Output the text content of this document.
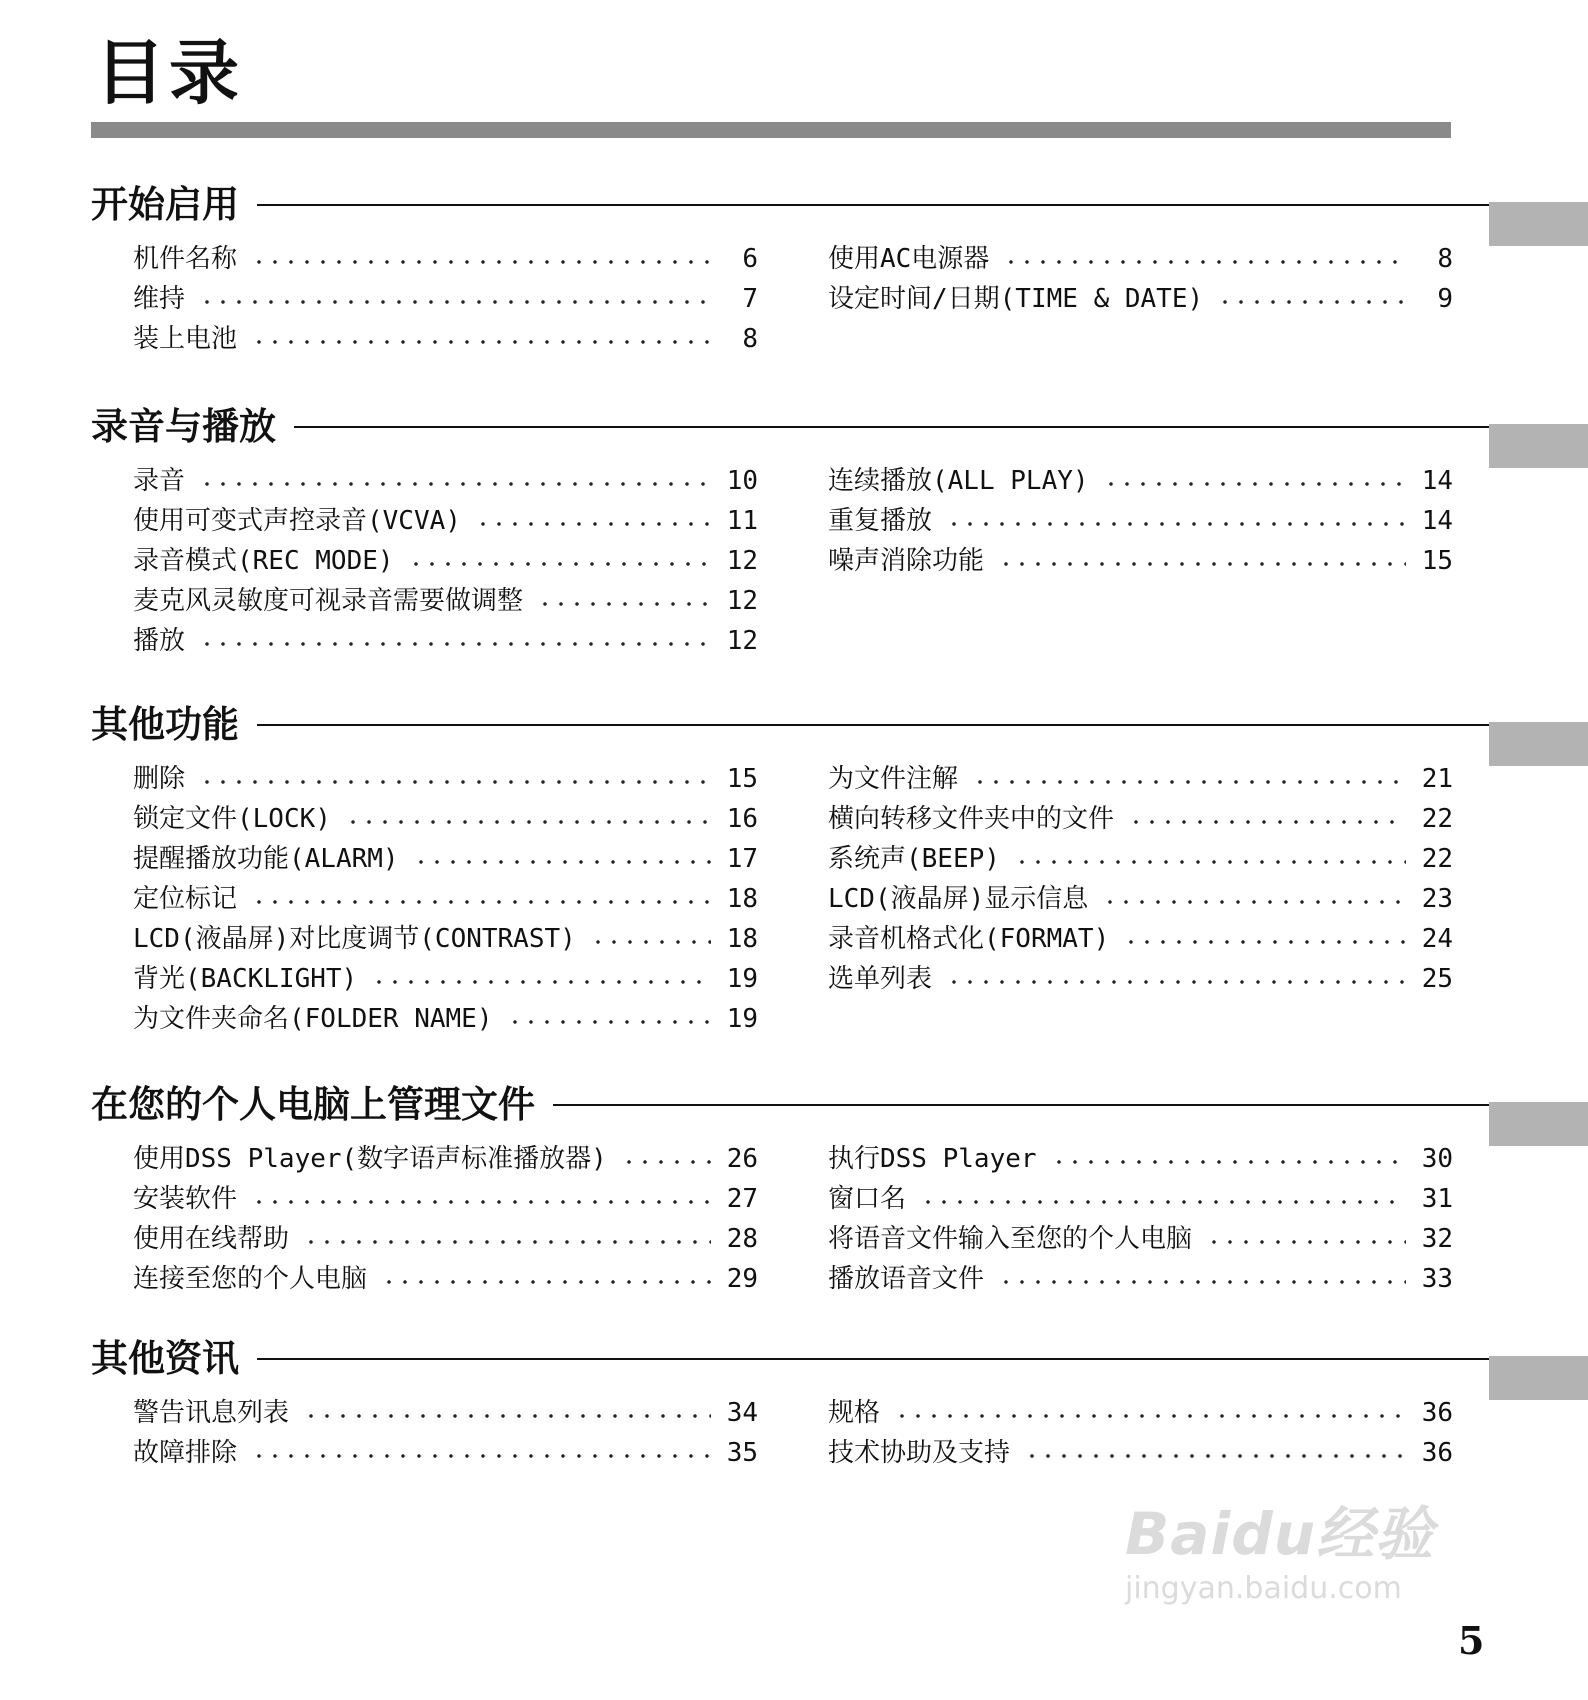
目录
开始启用
机件名称	6
维持	7
装上电池	8
使用AC电源器	8
设定时间/日期(TIME & DATE)	9
录音与播放
录音	10
使用可变式声控录音(VCVA)	11
录音模式(REC MODE)	12
麦克风灵敏度可视录音需要做调整	12
播放	12
连续播放(ALL PLAY)	14
重复播放	14
噪声消除功能	15
其他功能
删除	15
锁定文件(LOCK)	16
提醒播放功能(ALARM)	17
定位标记	18
LCD(液晶屏)对比度调节(CONTRAST)	18
背光(BACKLIGHT)	19
为文件夹命名(FOLDER NAME)	19
为文件注解	21
横向转移文件夹中的文件	22
系统声(BEEP)	22
LCD(液晶屏)显示信息	23
录音机格式化(FORMAT)	24
选单列表	25
在您的个人电脑上管理文件
使用DSS Player(数字语声标准播放器)	26
安装软件	27
使用在线帮助	28
连接至您的个人电脑	29
执行DSS Player	30
窗口名	31
将语音文件输入至您的个人电脑	32
播放语音文件	33
其他资讯
警告讯息列表	34
故障排除	35
规格	36
技术协助及支持	36
Baidu经验
jingyan.baidu.com
5
